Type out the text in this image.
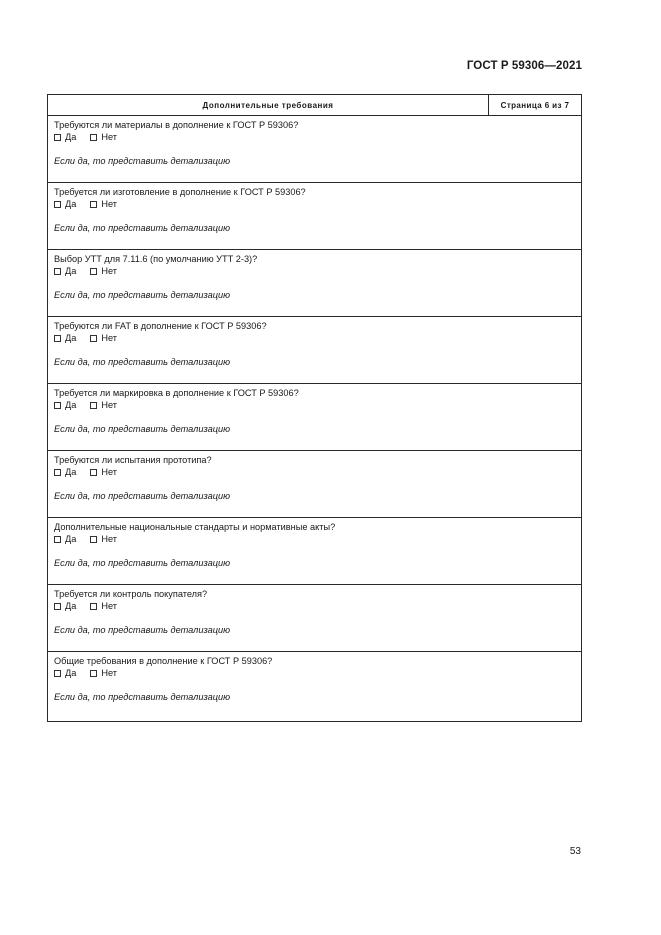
ГОСТ Р 59306—2021
Дополнительные требования	Страница 6 из 7
Требуются ли материалы в дополнение к ГОСТ Р 59306?
Да	Нет
Если да, то представить детализацию
Требуется ли изготовление в дополнение к ГОСТ Р 59306?
Да	Нет
Если да, то представить детализацию
Выбор УТТ для 7.11.6 (по умолчанию УТТ 2-3)?
Да	Нет
Если да, то представить детализацию
Требуются ли FAT в дополнение к ГОСТ Р 59306?
Да	Нет
Если да, то представить детализацию
Требуется ли маркировка в дополнение к ГОСТ Р 59306?
Да	Нет
Если да, то представить детализацию
Требуются ли испытания прототипа?
Да	Нет
Если да, то представить детализацию
Дополнительные национальные стандарты и нормативные акты?
Да	Нет
Если да, то представить детализацию
Требуется ли контроль покупателя?
Да	Нет
Если да, то представить детализацию
Общие требования в дополнение к ГОСТ Р 59306?
Да	Нет
Если да, то представить детализацию
53
